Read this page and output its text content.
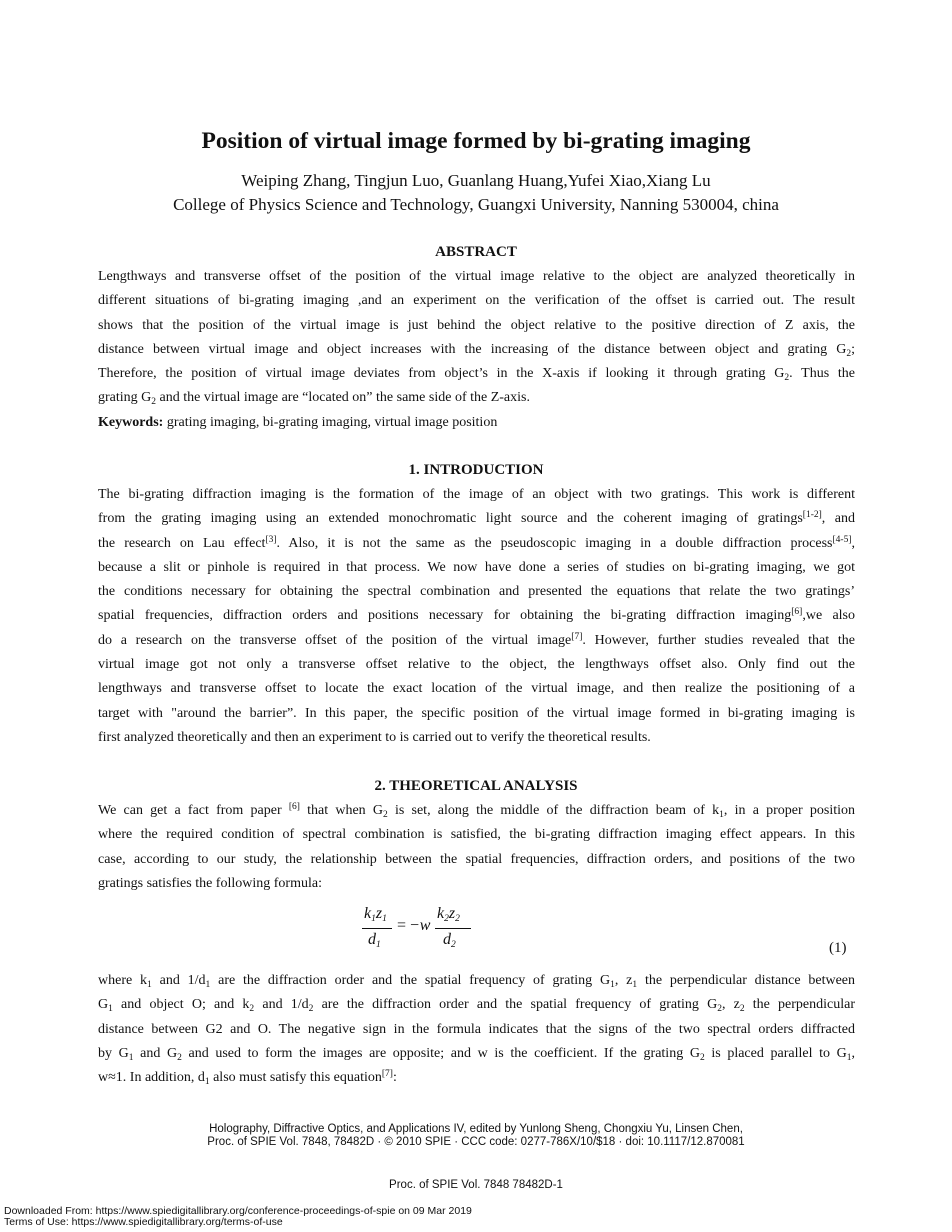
Position of virtual image formed by bi-grating imaging
Weiping Zhang, Tingjun Luo, Guanlang Huang,Yufei Xiao,Xiang Lu
College of Physics Science and Technology, Guangxi University, Nanning 530004, china
ABSTRACT
Lengthways and transverse offset of the position of the virtual image relative to the object are analyzed theoretically in
different situations of bi-grating imaging ,and an experiment on the verification of the offset is carried out. The result
shows that the position of the virtual image is just behind the object relative to the positive direction of Z axis, the
distance between virtual image and object increases with the increasing of the distance between object and grating $G_2$;
Therefore, the position of virtual image deviates from object’s in the X-axis if looking it through grating $G_2$. Thus the
grating $G_2$ and the virtual image are “located on” the same side of the Z-axis.
Keywords: grating imaging, bi-grating imaging, virtual image position
1. INTRODUCTION
The bi-grating diffraction imaging is the formation of the image of an object with two gratings. This work is different
from the grating imaging using an extended monochromatic light source and the coherent imaging of gratings[1-2], and
the research on Lau effect[3]. Also, it is not the same as the pseudoscopic imaging in a double diffraction process[4-5],
because a slit or pinhole is required in that process. We now have done a series of studies on bi-grating imaging, we got
the conditions necessary for obtaining the spectral combination and presented the equations that relate the two gratings’
spatial frequencies, diffraction orders and positions necessary for obtaining the bi-grating diffraction imaging[6],we also
do a research on the transverse offset of the position of the virtual image[7]. However, further studies revealed that the
virtual image got not only a transverse offset relative to the object, the lengthways offset also. Only find out the
lengthways and transverse offset to locate the exact location of the virtual image, and then realize the positioning of a
target with "around the barrier”. In this paper, the specific position of the virtual image formed in bi-grating imaging is
first analyzed theoretically and then an experiment to is carried out to verify the theoretical results.
2. THEORETICAL ANALYSIS
We can get a fact from paper [6] that when $G_2$ is set, along the middle of the diffraction beam of $k_1$, in a proper position
where the required condition of spectral combination is satisfied, the bi-grating diffraction imaging effect appears. In this
case, according to our study, the relationship between the spatial frequencies, diffraction orders, and positions of the two
gratings satisfies the following formula:
$k_1z_1$
$d_1$
= −w
$k_2z_2$
$d_2$	(1)
where $k_1$ and $1/d_1$ are the diffraction order and the spatial frequency of grating $G_1$, $z_1$ the perpendicular distance between
$G_1$ and object O; and $k_2$ and $1/d_2$ are the diffraction order and the spatial frequency of grating $G_2$, $z_2$ the perpendicular
distance between G2 and O. The negative sign in the formula indicates that the signs of the two spectral orders diffracted
by $G_1$ and $G_2$ and used to form the images are opposite; and w is the coefficient. If the grating $G_2$ is placed parallel to $G_1$,
w≈1. In addition, $d_1$ also must satisfy this equation[7]:
Holography, Diffractive Optics, and Applications IV, edited by Yunlong Sheng, Chongxiu Yu, Linsen Chen,
Proc. of SPIE Vol. 7848, 78482D · © 2010 SPIE · CCC code: 0277-786X/10/$18 · doi: 10.1117/12.870081
Proc. of SPIE Vol. 7848 78482D-1
Downloaded From: https://www.spiedigitallibrary.org/conference-proceedings-of-spie on 09 Mar 2019
Terms of Use: https://www.spiedigitallibrary.org/terms-of-use
